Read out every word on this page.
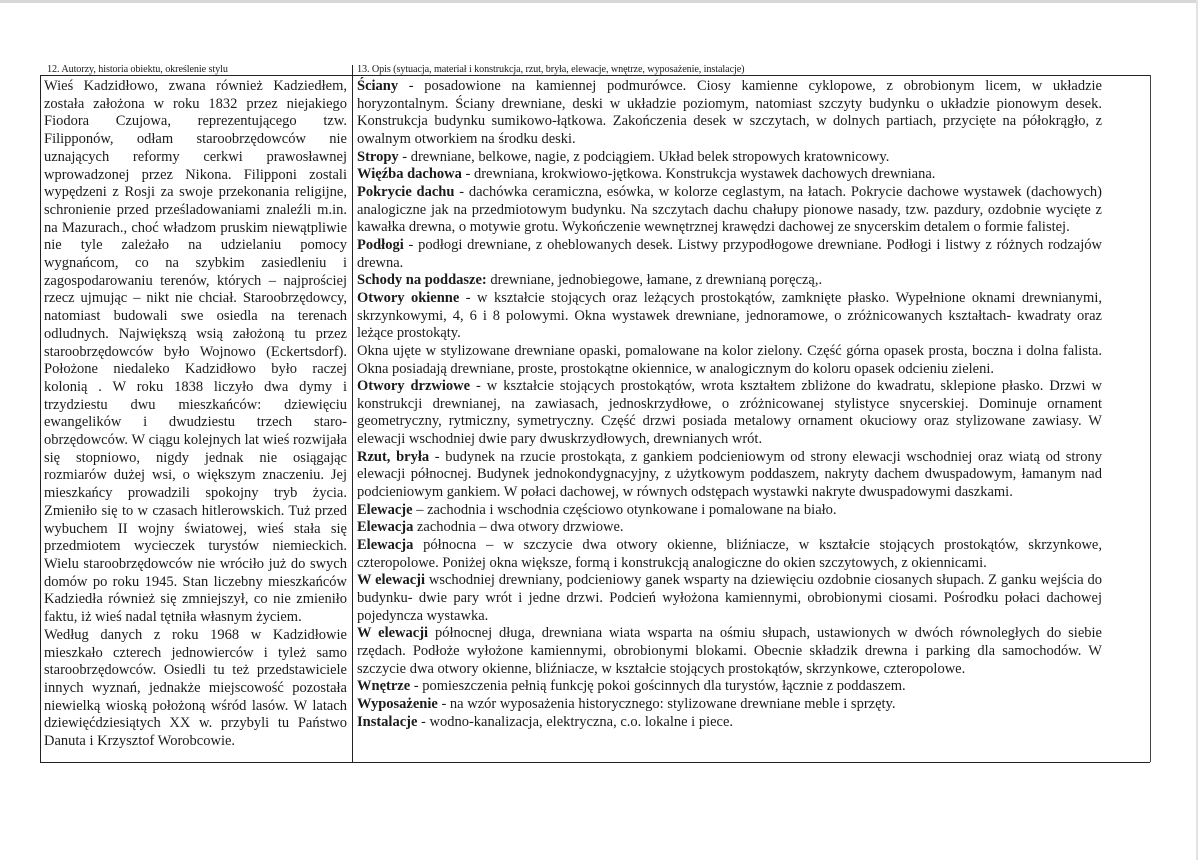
12. Autorzy, historia obiektu, określenie stylu	13. Opis (sytuacja, materiał i konstrukcja, rzut, bryła, elewacje, wnętrze, wyposażenie, instalacje)

Wieś Kadzidłowo, zwana również Kadziedłem, została założona w roku 1832 przez niejakiego Fiodora Czujowa, reprezentującego tzw. Filipponów, odłam staroobrzędowców nie uznających reformy cerkwi prawosławnej wprowadzonej przez Nikona. Filipponi zostali wypędzeni z Rosji za swoje przekonania religijne, schronienie przed prześladowaniami znaleźli m.in. na Mazurach., choć władzom pruskim niewątpliwie nie tyle zależało na udzielaniu pomocy wygnańcom, co na szybkim zasiedleniu i zagospodarowaniu terenów, których – najprościej rzecz ujmując – nikt nie chciał. Staroobrzędowcy, natomiast budowali swe osiedla na terenach odludnych. Największą wsią założoną tu przez staroobrzędowców było Wojnowo (Eckertsdorf). Położone niedaleko Kadzidłowo było raczej kolonią . W roku 1838 liczyło dwa dymy i trzydziestu dwu mieszkańców: dziewięciu ewangelików i dwudziestu trzech staro-obrzędowców. W ciągu kolejnych lat wieś rozwijała się stopniowo, nigdy jednak nie osiągając rozmiarów dużej wsi, o większym znaczeniu. Jej mieszkańcy prowadzili spokojny tryb życia. Zmieniło się to w czasach hitlerowskich. Tuż przed wybuchem II wojny światowej, wieś stała się przedmiotem wycieczek turystów niemieckich. Wielu staroobrzędowców nie wróciło już do swych domów po roku 1945. Stan liczebny mieszkańców Kadziedła również się zmniejszył, co nie zmieniło faktu, iż wieś nadal tętniła własnym życiem.

Według danych z roku 1968 w Kadzidłowie mieszkało czterech jednowierców i tyleż samo staroobrzędowców. Osiedli tu też przedstawiciele innych wyznań, jednakże miejscowość pozostała niewielką wioską położoną wśród lasów. W latach dziewięćdziesiątych XX w. przybyli tu Państwo Danuta i Krzysztof Worobcowie.

Ściany - posadowione na kamiennej podmurówce. Ciosy kamienne cyklopowe, z obrobionym licem, w układzie horyzontalnym. Ściany drewniane, deski w układzie poziomym, natomiast szczyty budynku o układzie pionowym desek. Konstrukcja budynku sumikowo-łątkowa. Zakończenia desek w szczytach, w dolnych partiach, przycięte na półokrągło, z owalnym otworkiem na środku deski.

Stropy - drewniane, belkowe, nagie, z podciągiem. Układ belek stropowych kratownicowy.

Więźba dachowa - drewniana, krokwiowo-jętkowa. Konstrukcja wystawek dachowych drewniana.

Pokrycie dachu - dachówka ceramiczna, esówka, w kolorze ceglastym, na łatach. Pokrycie dachowe wystawek (dachowych) analogiczne jak na przedmiotowym budynku. Na szczytach dachu chałupy pionowe nasady, tzw. pazdury, ozdobnie wycięte z kawałka drewna, o motywie grotu. Wykończenie wewnętrznej krawędzi dachowej ze snycerskim detalem o formie falistej.

Podłogi - podłogi drewniane, z oheblowanych desek. Listwy przypodłogowe drewniane. Podłogi i listwy z różnych rodzajów drewna.

Schody na poddasze: drewniane, jednobiegowe, łamane, z drewnianą poręczą,.

Otwory okienne - w kształcie stojących oraz leżących prostokątów, zamknięte płasko. Wypełnione oknami drewnianymi, skrzynkowymi, 4, 6 i 8 polowymi. Okna wystawek drewniane, jednoramowe, o zróżnicowanych kształtach- kwadraty oraz leżące prostokąty.

Okna ujęte w stylizowane drewniane opaski, pomalowane na kolor zielony. Część górna opasek prosta, boczna i dolna falista. Okna posiadają drewniane, proste, prostokątne okiennice, w analogicznym do koloru opasek odcieniu zieleni.

Otwory drzwiowe - w kształcie stojących prostokątów, wrota kształtem zbliżone do kwadratu, sklepione płasko. Drzwi w konstrukcji drewnianej, na zawiasach, jednoskrzydłowe, o zróżnicowanej stylistyce snycerskiej. Dominuje ornament geometryczny, rytmiczny, symetryczny. Część drzwi posiada metalowy ornament okuciowy oraz stylizowane zawiasy. W elewacji wschodniej dwie pary dwuskrzydłowych, drewnianych wrót.

Rzut, bryła - budynek na rzucie prostokąta, z gankiem podcieniowym od strony elewacji wschodniej oraz wiatą od strony elewacji północnej. Budynek jednokondygnacyjny, z użytkowym poddaszem, nakryty dachem dwuspadowym, łamanym nad podcieniowym gankiem. W połaci dachowej, w równych odstępach wystawki nakryte dwuspadowymi daszkami.

Elewacje – zachodnia i wschodnia częściowo otynkowane i pomalowane na biało.

Elewacja zachodnia – dwa otwory drzwiowe.

Elewacja północna – w szczycie dwa otwory okienne, bliźniacze, w kształcie stojących prostokątów, skrzynkowe, czteropolowe. Poniżej okna większe, formą i konstrukcją analogiczne do okien szczytowych, z okiennicami.

W elewacji wschodniej drewniany, podcieniowy ganek wsparty na dziewięciu ozdobnie ciosanych słupach. Z ganku wejścia do budynku- dwie pary wrót i jedne drzwi. Podcień wyłożona kamiennymi, obrobionymi ciosami. Pośrodku połaci dachowej pojedyncza wystawka.

W elewacji północnej długa, drewniana wiata wsparta na ośmiu słupach, ustawionych w dwóch równoległych do siebie rzędach. Podłoże wyłożone kamiennymi, obrobionymi blokami. Obecnie składzik drewna i parking dla samochodów. W szczycie dwa otwory okienne, bliźniacze, w kształcie stojących prostokątów, skrzynkowe, czteropolowe.

Wnętrze - pomieszczenia pełnią funkcję pokoi gościnnych dla turystów, łącznie z poddaszem.

Wyposażenie - na wzór wyposażenia historycznego: stylizowane drewniane meble i sprzęty.

Instalacje - wodno-kanalizacja, elektryczna, c.o. lokalne i piece.
